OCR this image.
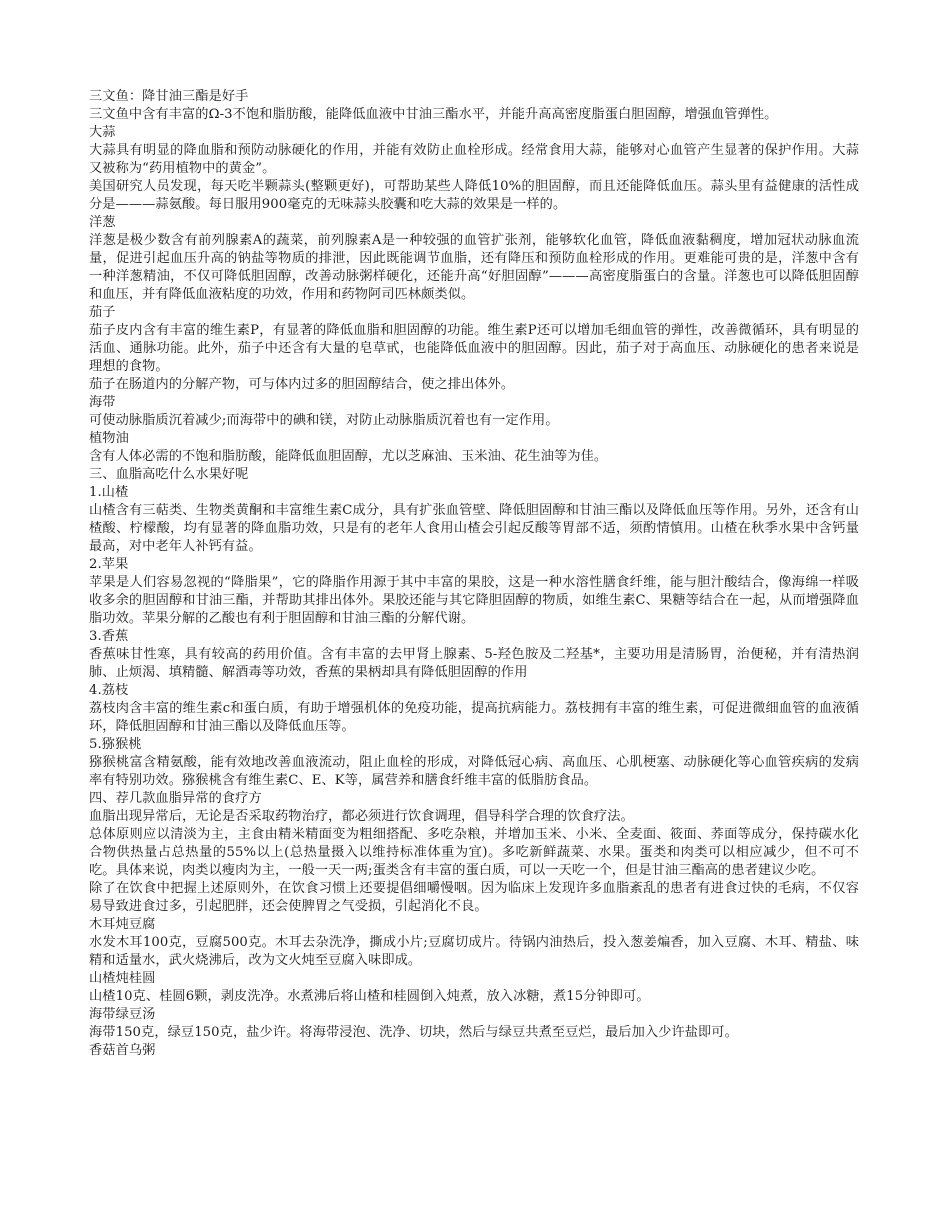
三文鱼：降甘油三酯是好手

三文鱼中含有丰富的Ω-3不饱和脂肪酸，能降低血液中甘油三酯水平，并能升高高密度脂蛋白胆固醇，增强血管弹性。

大蒜

大蒜具有明显的降血脂和预防动脉硬化的作用，并能有效防止血栓形成。经常食用大蒜，能够对心血管产生显著的保护作用。大蒜又被称为“药用植物中的黄金”。

美国研究人员发现，每天吃半颗蒜头(整颗更好)，可帮助某些人降低10%的胆固醇，而且还能降低血压。蒜头里有益健康的活性成分是———蒜氨酸。每日服用900毫克的无味蒜头胶囊和吃大蒜的效果是一样的。

洋葱

洋葱是极少数含有前列腺素A的蔬菜，前列腺素A是一种较强的血管扩张剂，能够软化血管，降低血液黏稠度，增加冠状动脉血流量，促进引起血压升高的钠盐等物质的排泄，因此既能调节血脂，还有降压和预防血栓形成的作用。更难能可贵的是，洋葱中含有一种洋葱精油，不仅可降低胆固醇，改善动脉粥样硬化，还能升高“好胆固醇”———高密度脂蛋白的含量。洋葱也可以降低胆固醇和血压，并有降低血液粘度的功效，作用和药物阿司匹林颇类似。

茄子

茄子皮内含有丰富的维生素P，有显著的降低血脂和胆固醇的功能。维生素P还可以增加毛细血管的弹性，改善微循环，具有明显的活血、通脉功能。此外，茄子中还含有大量的皂草甙，也能降低血液中的胆固醇。因此，茄子对于高血压、动脉硬化的患者来说是理想的食物。

茄子在肠道内的分解产物，可与体内过多的胆固醇结合，使之排出体外。

海带

可使动脉脂质沉着减少;而海带中的碘和镁，对防止动脉脂质沉着也有一定作用。

植物油

含有人体必需的不饱和脂肪酸，能降低血胆固醇，尤以芝麻油、玉米油、花生油等为佳。

三、血脂高吃什么水果好呢

1.山楂

山楂含有三萜类、生物类黄酮和丰富维生素C成分，具有扩张血管壁、降低胆固醇和甘油三酯以及降低血压等作用。另外，还含有山楂酸、柠檬酸，均有显著的降血脂功效，只是有的老年人食用山楂会引起反酸等胃部不适，须酌情慎用。山楂在秋季水果中含钙量最高，对中老年人补钙有益。

2.苹果

苹果是人们容易忽视的“降脂果”，它的降脂作用源于其中丰富的果胶，这是一种水溶性膳食纤维，能与胆汁酸结合，像海绵一样吸收多余的胆固醇和甘油三酯，并帮助其排出体外。果胶还能与其它降胆固醇的物质，如维生素C、果糖等结合在一起，从而增强降血脂功效。苹果分解的乙酸也有利于胆固醇和甘油三酯的分解代谢。

3.香蕉

香蕉味甘性寒，具有较高的药用价值。含有丰富的去甲肾上腺素、5-羟色胺及二羟基*，主要功用是清肠胃，治便秘，并有清热润肺、止烦渴、填精髓、解酒毒等功效，香蕉的果柄却具有降低胆固醇的作用

4.荔枝

荔枝肉含丰富的维生素c和蛋白质，有助于增强机体的免疫功能，提高抗病能力。荔枝拥有丰富的维生素，可促进微细血管的血液循环，降低胆固醇和甘油三酯以及降低血压等。

5.猕猴桃

猕猴桃富含精氨酸，能有效地改善血液流动，阻止血栓的形成，对降低冠心病、高血压、心肌梗塞、动脉硬化等心血管疾病的发病率有特别功效。猕猴桃含有维生素C、E、K等，属营养和膳食纤维丰富的低脂肪食品。

四、荐几款血脂异常的食疗方

血脂出现异常后，无论是否采取药物治疗，都必须进行饮食调理，倡导科学合理的饮食疗法。

总体原则应以清淡为主，主食由精米精面变为粗细搭配、多吃杂粮，并增加玉米、小米、全麦面、筱面、荞面等成分，保持碳水化合物供热量占总热量的55%以上(总热量摄入以维持标准体重为宜)。多吃新鲜蔬菜、水果。蛋类和肉类可以相应减少，但不可不吃。具体来说，肉类以瘦肉为主，一般一天一两;蛋类含有丰富的蛋白质，可以一天吃一个，但是甘油三酯高的患者建议少吃。

除了在饮食中把握上述原则外，在饮食习惯上还要提倡细嚼慢咽。因为临床上发现许多血脂紊乱的患者有进食过快的毛病，不仅容易导致进食过多，引起肥胖，还会使脾胃之气受损，引起消化不良。

木耳炖豆腐

水发木耳100克，豆腐500克。木耳去杂洗净，撕成小片;豆腐切成片。待锅内油热后，投入葱姜煸香，加入豆腐、木耳、精盐、味精和适量水，武火烧沸后，改为文火炖至豆腐入味即成。

山楂炖桂圆

山楂10克、桂圆6颗，剥皮洗净。水煮沸后将山楂和桂圆倒入炖煮，放入冰糖，煮15分钟即可。

海带绿豆汤

海带150克，绿豆150克，盐少许。将海带浸泡、洗净、切块，然后与绿豆共煮至豆烂，最后加入少许盐即可。

香菇首乌粥
